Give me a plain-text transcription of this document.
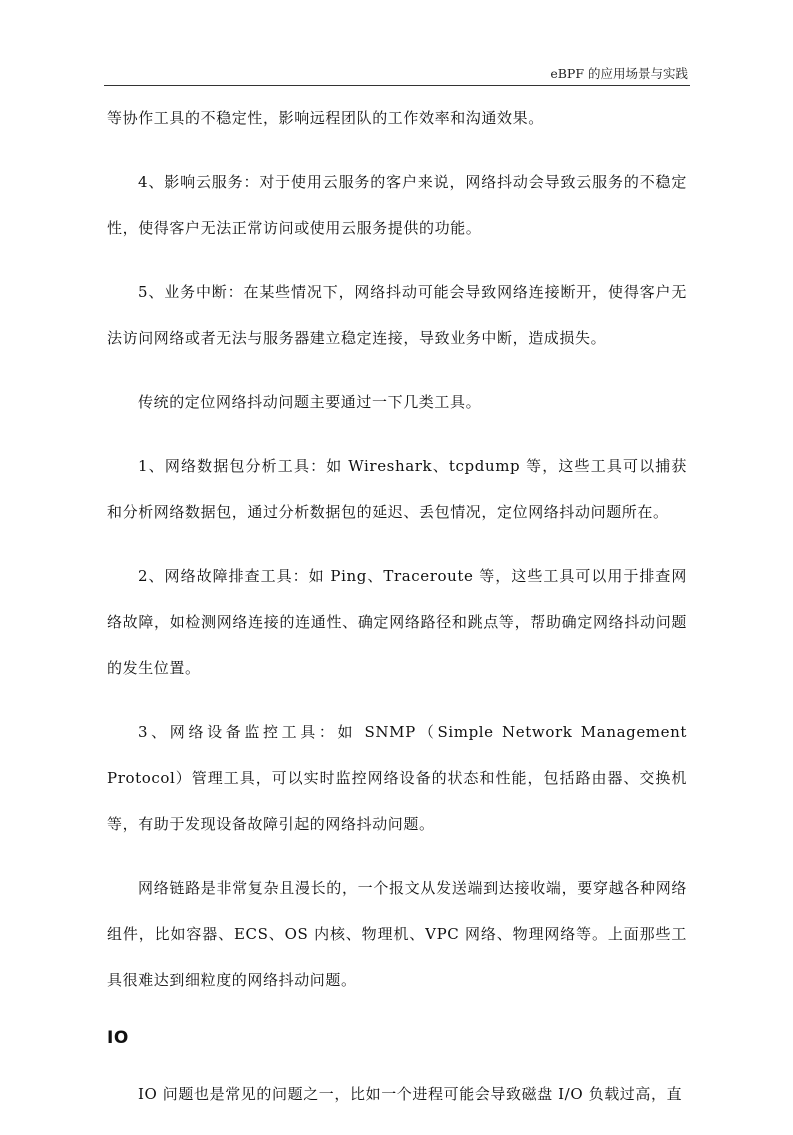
eBPF 的应用场景与实践

等协作工具的不稳定性，影响远程团队的工作效率和沟通效果。

4、影响云服务：对于使用云服务的客户来说，网络抖动会导致云服务的不稳定性，使得客户无法正常访问或使用云服务提供的功能。

5、业务中断：在某些情况下，网络抖动可能会导致网络连接断开，使得客户无法访问网络或者无法与服务器建立稳定连接，导致业务中断，造成损失。

传统的定位网络抖动问题主要通过一下几类工具。

1、网络数据包分析工具：如 Wireshark、tcpdump 等，这些工具可以捕获和分析网络数据包，通过分析数据包的延迟、丢包情况，定位网络抖动问题所在。

2、网络故障排查工具：如 Ping、Traceroute 等，这些工具可以用于排查网络故障，如检测网络连接的连通性、确定网络路径和跳点等，帮助确定网络抖动问题的发生位置。

3、网络设备监控工具：如 SNMP（Simple Network Management Protocol）管理工具，可以实时监控网络设备的状态和性能，包括路由器、交换机等，有助于发现设备故障引起的网络抖动问题。

网络链路是非常复杂且漫长的，一个报文从发送端到达接收端，要穿越各种网络组件，比如容器、ECS、OS 内核、物理机、VPC 网络、物理网络等。上面那些工具很难达到细粒度的网络抖动问题。

IO

IO 问题也是常见的问题之一，比如一个进程可能会导致磁盘 I/O 负载过高，直
